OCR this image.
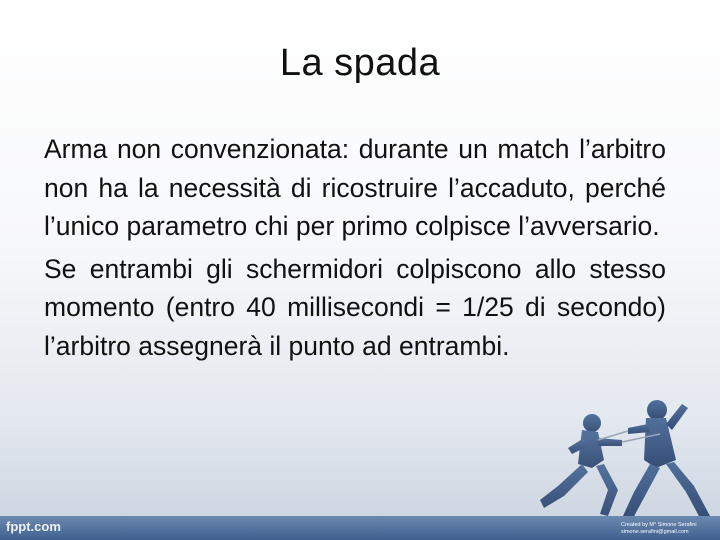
La spada

Arma non convenzionata: durante un match l’arbitro non ha la necessità di ricostruire l’accaduto, perché l’unico parametro chi per primo colpisce l’avversario.

Se entrambi gli schermidori colpiscono allo stesso momento (entro 40 millisecondi = 1/25 di secondo) l’arbitro assegnerà il punto ad entrambi.

fppt.com	Created by M° Simone Serafini
simone.serafini@gmail.com
